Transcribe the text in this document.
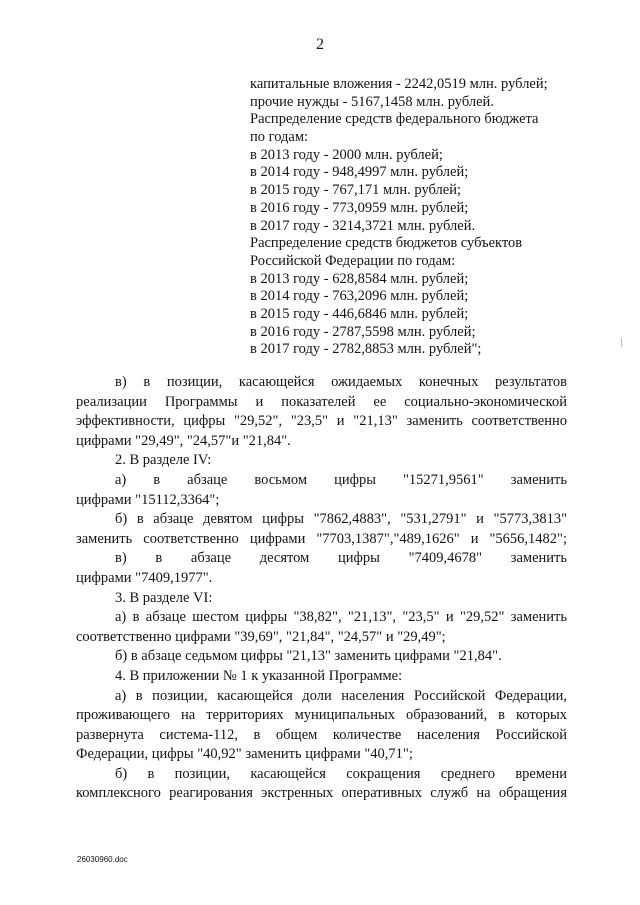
2
капитальные вложения - 2242,0519 млн. рублей;
прочие нужды - 5167,1458 млн. рублей.
Распределение средств федерального бюджета
по годам:
в 2013 году - 2000 млн. рублей;
в 2014 году - 948,4997 млн. рублей;
в 2015 году - 767,171 млн. рублей;
в 2016 году - 773,0959 млн. рублей;
в 2017 году - 3214,3721 млн. рублей.
Распределение средств бюджетов субъектов
Российской Федерации по годам:
в 2013 году - 628,8584 млн. рублей;
в 2014 году - 763,2096 млн. рублей;
в 2015 году - 446,6846 млн. рублей;
в 2016 году - 2787,5598 млн. рублей;
в 2017 году - 2782,8853 млн. рублей";
в) в позиции, касающейся ожидаемых конечных результатов
реализации Программы и показателей ее социально-экономической
эффективности, цифры "29,52", "23,5" и "21,13" заменить соответственно
цифрами "29,49", "24,57"и "21,84".
2. В разделе IV:
а) в абзаце восьмом цифры "15271,9561" заменить
цифрами "15112,3364";
б) в абзаце девятом цифры "7862,4883", "531,2791" и "5773,3813"
заменить соответственно цифрами "7703,1387","489,1626" и "5656,1482";
в) в абзаце десятом цифры "7409,4678" заменить
цифрами "7409,1977".
3. В разделе VI:
а) в абзаце шестом цифры "38,82", "21,13", "23,5" и "29,52" заменить
соответственно цифрами "39,69", "21,84", "24,57" и "29,49";
б) в абзаце седьмом цифры "21,13" заменить цифрами "21,84".
4. В приложении № 1 к указанной Программе:
а) в позиции, касающейся доли населения Российской Федерации,
проживающего на территориях муниципальных образований, в которых
развернута система-112, в общем количестве населения Российской
Федерации, цифры "40,92" заменить цифрами "40,71";
б) в позиции, касающейся сокращения среднего времени
комплексного реагирования экстренных оперативных служб на обращения
26030960.doc
